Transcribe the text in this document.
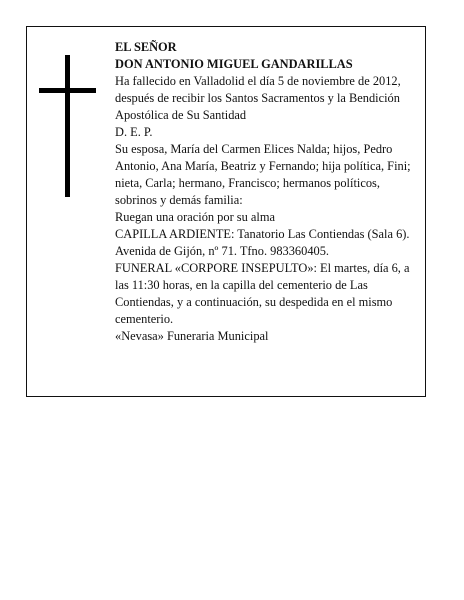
EL SEÑOR

DON ANTONIO MIGUEL GANDARILLAS

Ha fallecido en Valladolid el día 5 de noviembre de 2012, después de recibir los Santos Sacramentos y la Bendición Apostólica de Su Santidad

D. E. P.

Su esposa, María del Carmen Elices Nalda; hijos, Pedro Antonio, Ana María, Beatriz y Fernando; hija política, Fini; nieta, Carla; hermano, Francisco; hermanos políticos, sobrinos y demás familia:

Ruegan una oración por su alma

CAPILLA ARDIENTE: Tanatorio Las Contiendas (Sala 6). Avenida de Gijón, nº 71. Tfno. 983360405.

FUNERAL «CORPORE INSEPULTO»: El martes, día 6, a las 11:30 horas, en la capilla del cementerio de Las Contiendas, y a continuación, su despedida en el mismo cementerio.

«Nevasa» Funeraria Municipal
